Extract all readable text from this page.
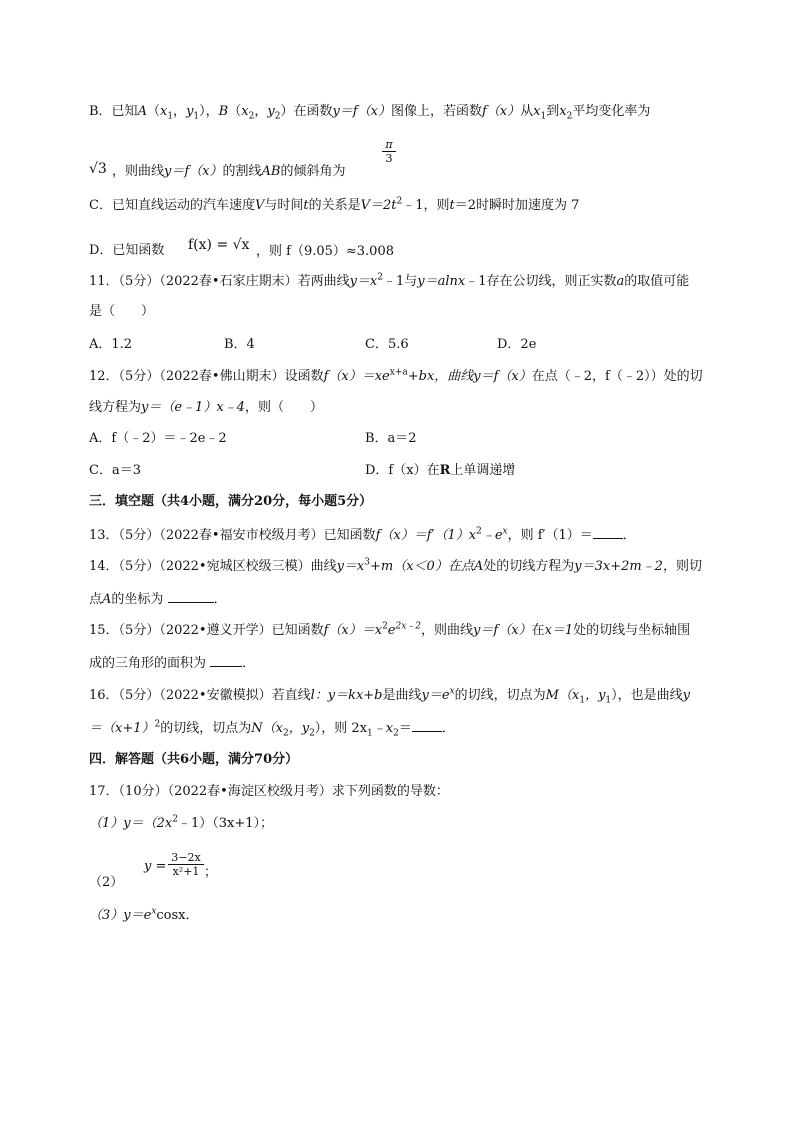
B．已知$A(x_1$，$y_1$），$B(x_2$，$y_2$）在函数y＝f（x）图像上，若函数f（x）从$x_1$到$x_2$平均变化率为
√3 ，则曲线y＝f（x）的割线AB的倾斜角为
$\frac{\pi}{3}$
C．已知直线运动的汽车速度V与时间t的关系是$V=2t^2﹣1$，则t＝2时瞬时加速度为 7
D．已知函数 f(x) = √x ，则 f（9.05）≈3.008
11．（5分）（2022春•石家庄期末）若两曲线$y=x^2﹣1$与y＝alnx﹣1存在公切线，则正实数a的取值可能
是（　　）
A．1.2	B．4	C．5.6	D．2e
12．（5分）（2022春•佛山期末）设函数$f(x)=xe^{x+a}+bx$，曲线y＝f（x）在点（﹣2，f（﹣2））处的切
线方程为y＝（e﹣1）x﹣4，则（　　）
A．f（﹣2）＝﹣2e﹣2	B．a＝2
C．a＝3	D．f（x）在R上单调递增
三．填空题（共4小题，满分20分，每小题5分）
13．（5分）（2022春•福安市校级月考）已知函数$f(x)=f'(1)x^2﹣e^x$，则 f′（1）＝ ．
14．（5分）（2022•宛城区校级三模）曲线$y=x^3+m(x<0)$在点A处的切线方程为y＝3x+2m﹣2，则切
点A的坐标为	．
15．（5分）（2022•遵义开学）已知函数$f(x)=x^2e^{2x﹣2}$，则曲线y＝f（x）在x＝1处的切线与坐标轴围
成的三角形的面积为	．
16．（5分）（2022•安徽模拟）若直线l：y＝kx+b是曲线$y=e^x$的切线，切点为$M(x_1$，$y_1$），也是曲线y
$=(x+1)^2$的切线，切点为$N(x_2$，$y_2$），则 $2x_1﹣x_2=$ ．
四．解答题（共6小题，满分70分）
17．（10分）（2022春•海淀区校级月考）求下列函数的导数：
$(1)y=(2x^2﹣1)(3x+1)$；
（2）
$y = \frac{3-2x}{\text{x²+1}}$ ；
$(3)y=e^x\cos x$．
